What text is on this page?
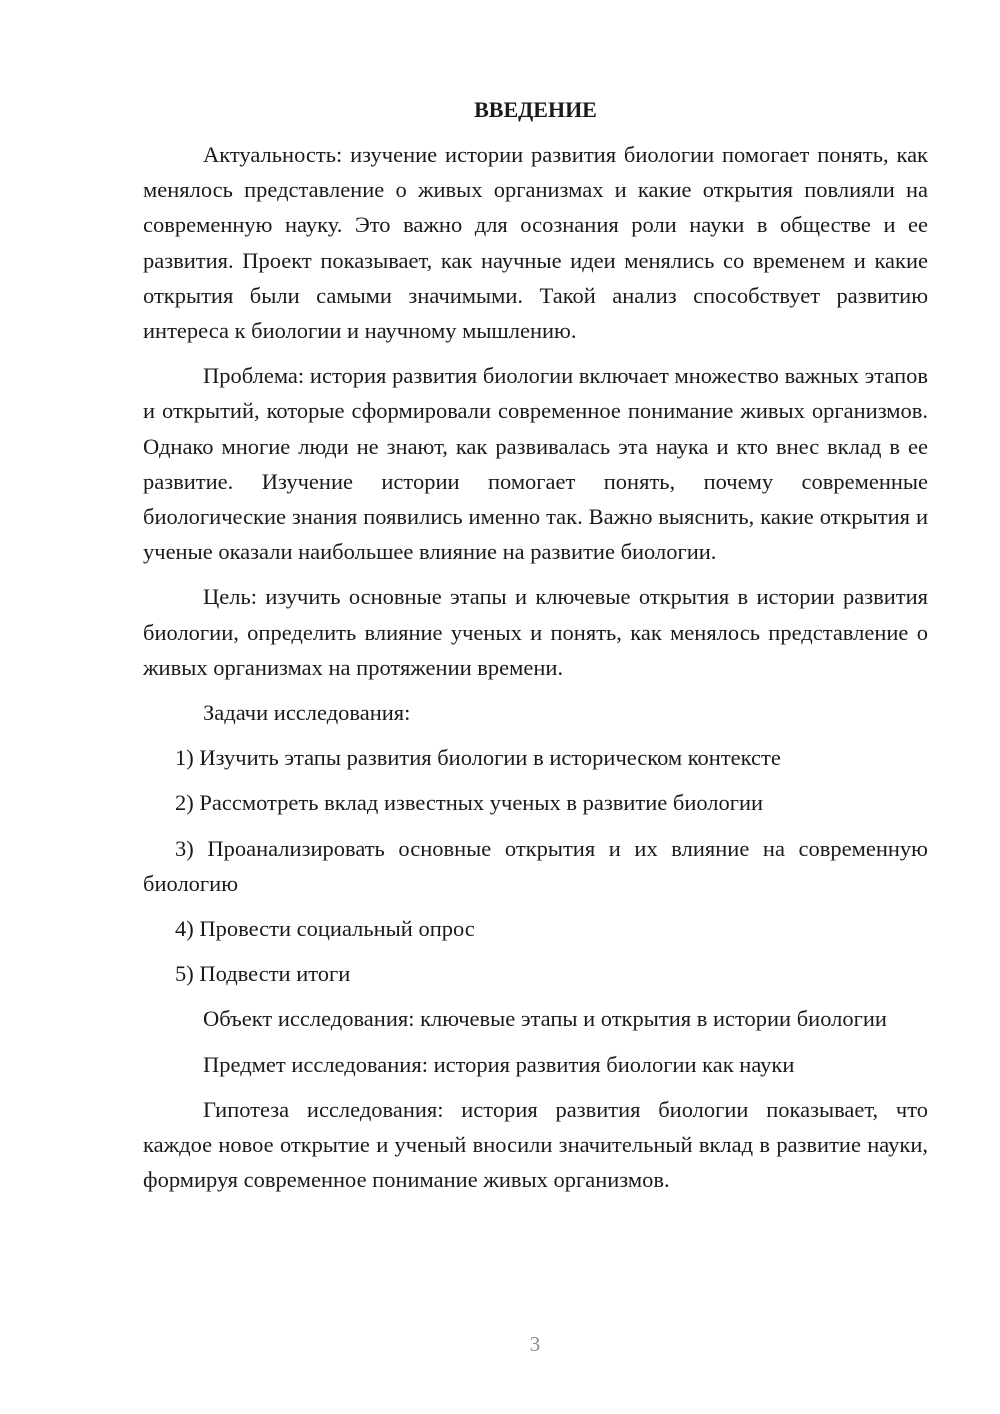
ВВЕДЕНИЕ

Актуальность: изучение истории развития биологии помогает понять, как менялось представление о живых организмах и какие открытия повлияли на современную науку. Это важно для осознания роли науки в обществе и ее развития. Проект показывает, как научные идеи менялись со временем и какие открытия были самыми значимыми. Такой анализ способствует развитию интереса к биологии и научному мышлению.

Проблема: история развития биологии включает множество важных этапов и открытий, которые сформировали современное понимание живых организмов. Однако многие люди не знают, как развивалась эта наука и кто внес вклад в ее развитие. Изучение истории помогает понять, почему современные биологические знания появились именно так. Важно выяснить, какие открытия и ученые оказали наибольшее влияние на развитие биологии.

Цель: изучить основные этапы и ключевые открытия в истории развития биологии, определить влияние ученых и понять, как менялось представление о живых организмах на протяжении времени.

Задачи исследования:

1) Изучить этапы развития биологии в историческом контексте

2) Рассмотреть вклад известных ученых в развитие биологии

3) Проанализировать основные открытия и их влияние на современную биологию

4) Провести социальный опрос

5) Подвести итоги

Объект исследования: ключевые этапы и открытия в истории биологии

Предмет исследования: история развития биологии как науки

Гипотеза исследования: история развития биологии показывает, что каждое новое открытие и ученый вносили значительный вклад в развитие науки, формируя современное понимание живых организмов.

3
